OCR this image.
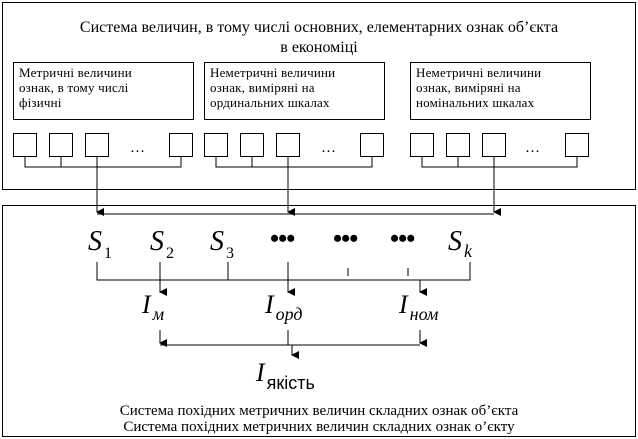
Система величин, в тому числі основних, елементарних ознак об’єкта
в економіці
Метричні величини
ознак, в тому числі
фізичні
Неметричні величини
ознак, виміряні на
ординальних шкалах
Неметричні величини
ознак, виміряні на
номінальних шкалах
…	…	…
S $_1$ S $_2$ S $_3$
••• ••• ••• S $_k$
I $_м$	I $_{орд}$	I $_{ном}$
I $_{якість}$
Система похідних метричних величин складних ознак об’єкта
Система похідних метричних величин складних ознак о’єкту
